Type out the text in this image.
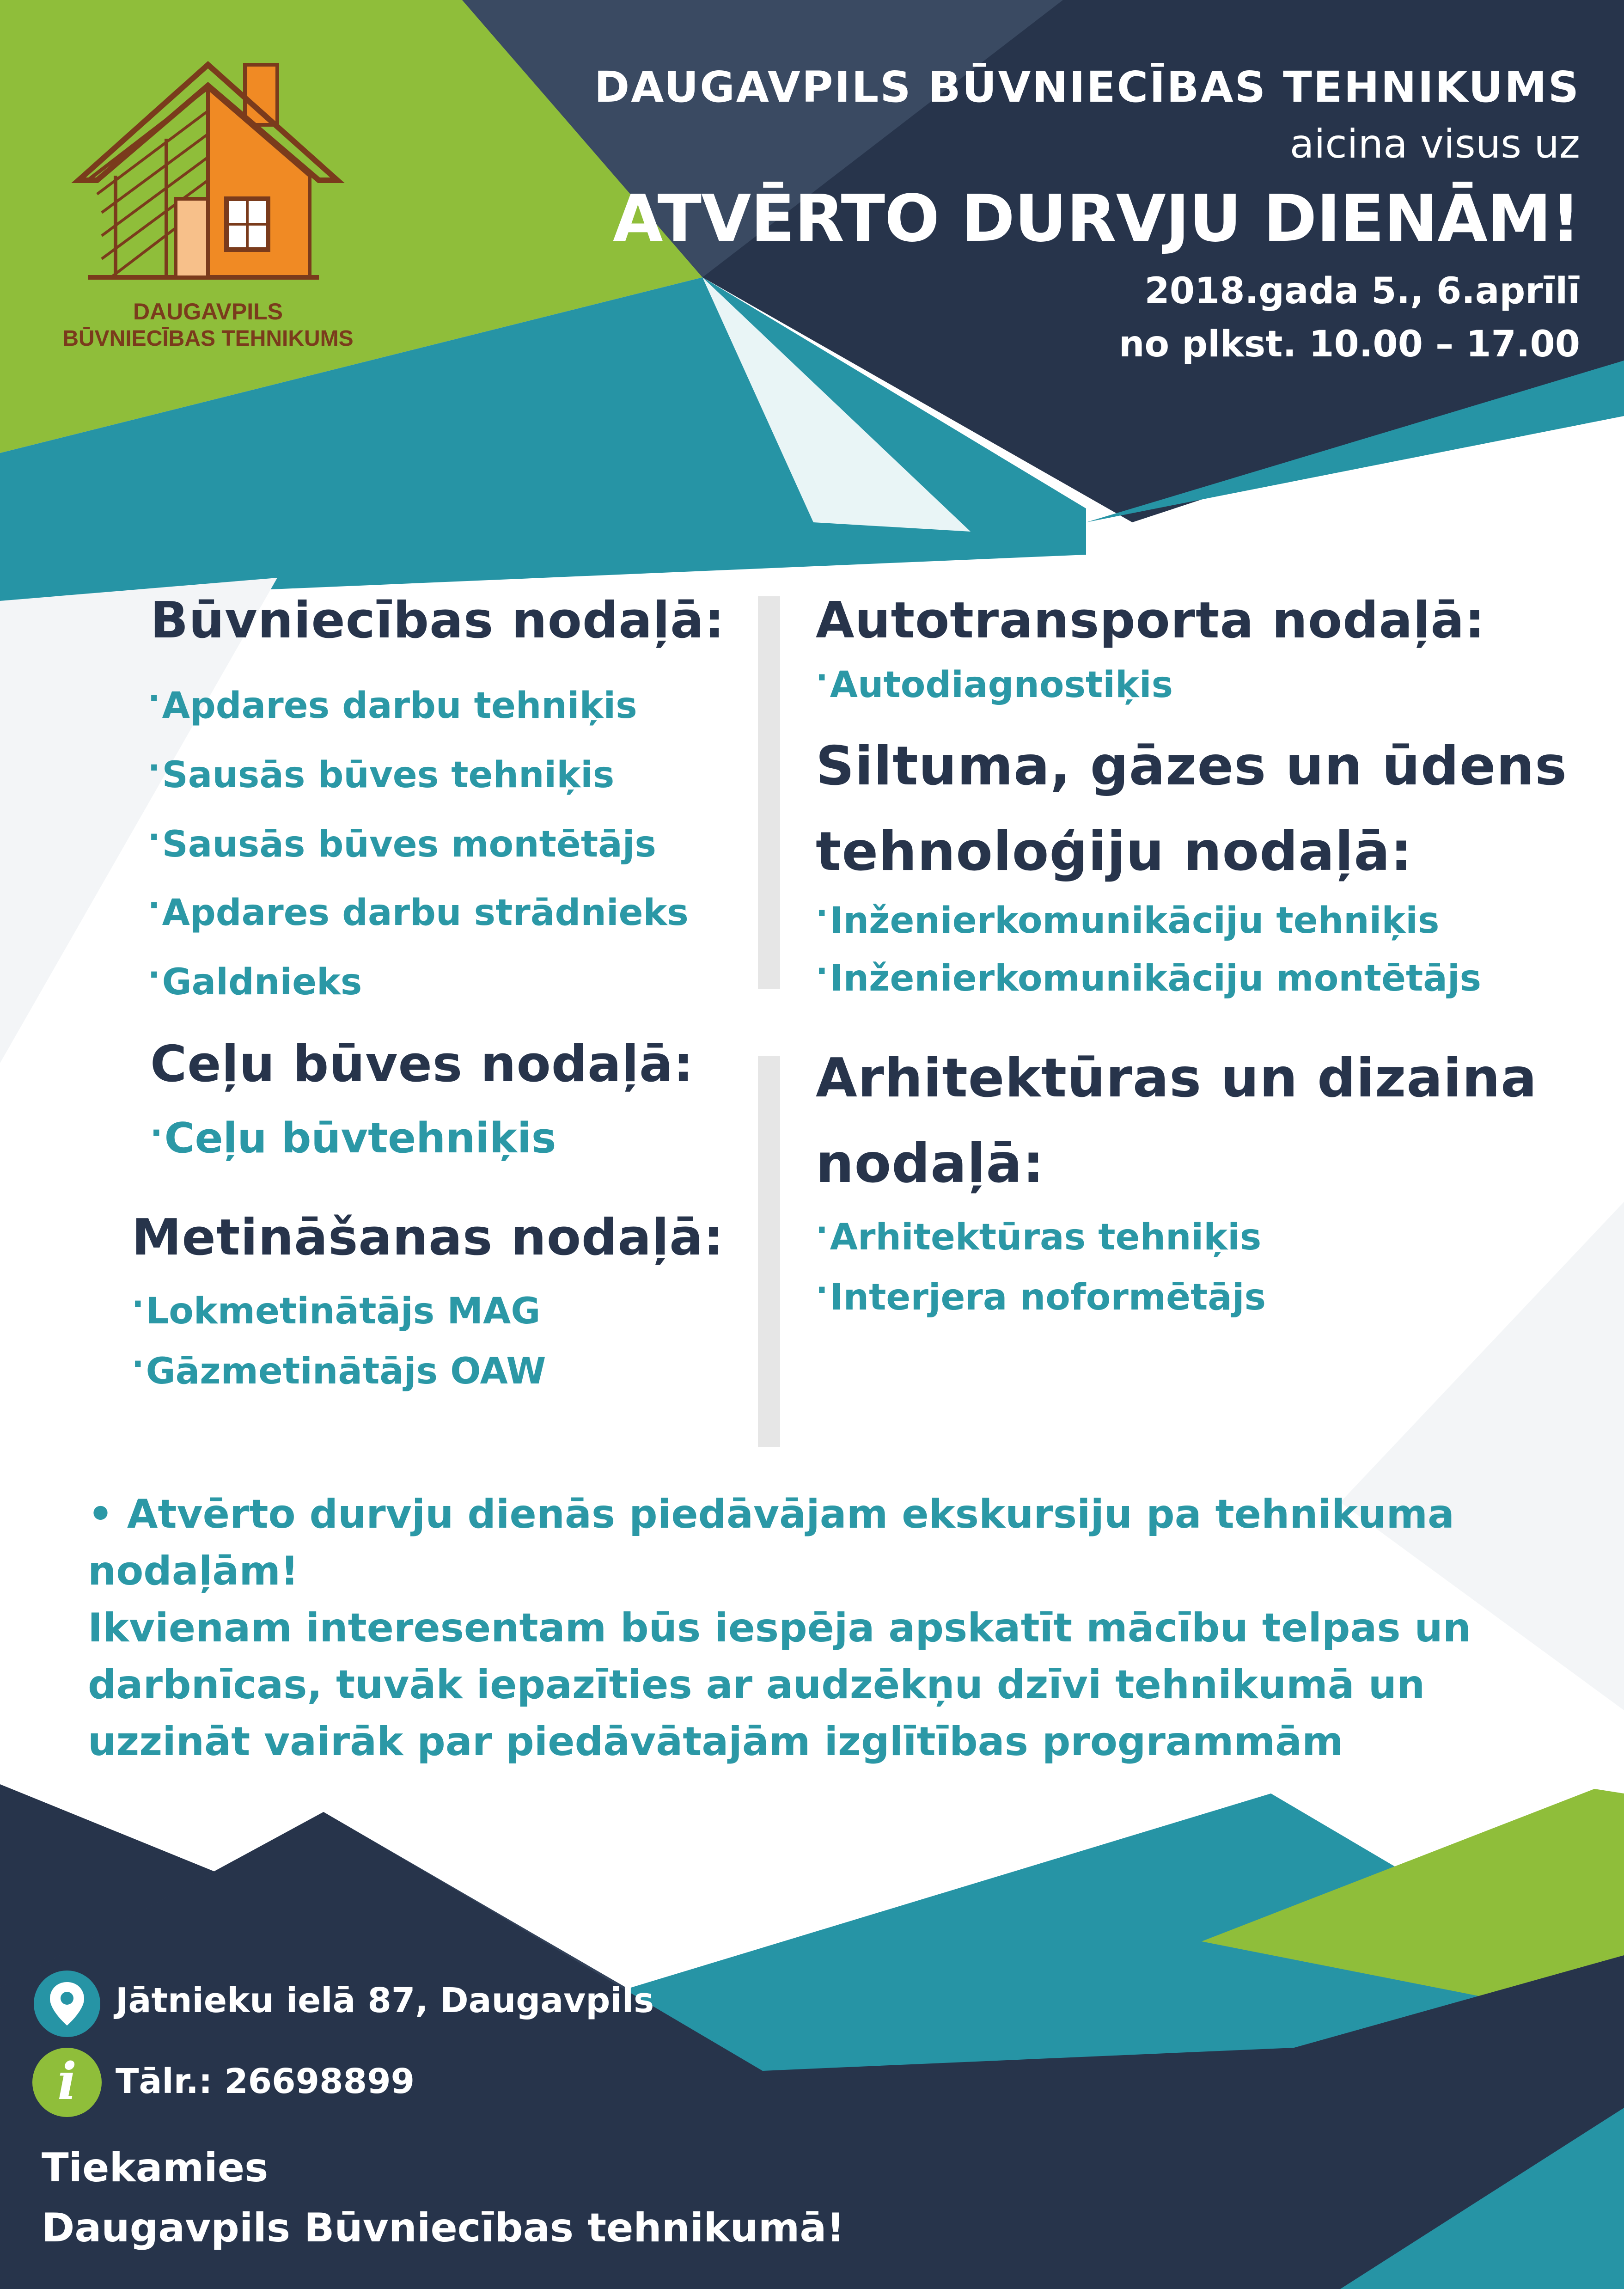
DAUGAVPILS
BŪVNIECĪBAS TEHNIKUMS
DAUGAVPILS BŪVNIECĪBAS TEHNIKUMS
aicina visus uz
ATVĒRTO DURVJU DIENĀM!
2018.gada 5., 6.aprīlī
no plkst. 10.00 – 17.00
Būvniecības nodaļā:
·Apdares darbu tehniķis
·Sausās būves tehniķis
·Sausās būves montētājs
·Apdares darbu strādnieks
·Galdnieks
Ceļu būves nodaļā:
·Ceļu būvtehniķis
Metināšanas nodaļā:
·Lokmetinātājs MAG
·Gāzmetinātājs OAW
Autotransporta nodaļā:
·Autodiagnostiķis
Siltuma, gāzes un ūdens
tehnoloģiju nodaļā:
·Inženierkomunikāciju tehniķis
·Inženierkomunikāciju montētājs
Arhitektūras un dizaina
nodaļā:
·Arhitektūras tehniķis
·Interjera noformētājs
• Atvērto durvju dienās piedāvājam ekskursiju pa tehnikuma
nodaļām!
Ikvienam interesentam būs iespēja apskatīt mācību telpas un
darbnīcas, tuvāk iepazīties ar audzēkņu dzīvi tehnikumā un
uzzināt vairāk par piedāvātajām izglītības programmām
Jātnieku ielā 87, Daugavpils
i	Tālr.: 26698899
Tiekamies
Daugavpils Būvniecības tehnikumā!
